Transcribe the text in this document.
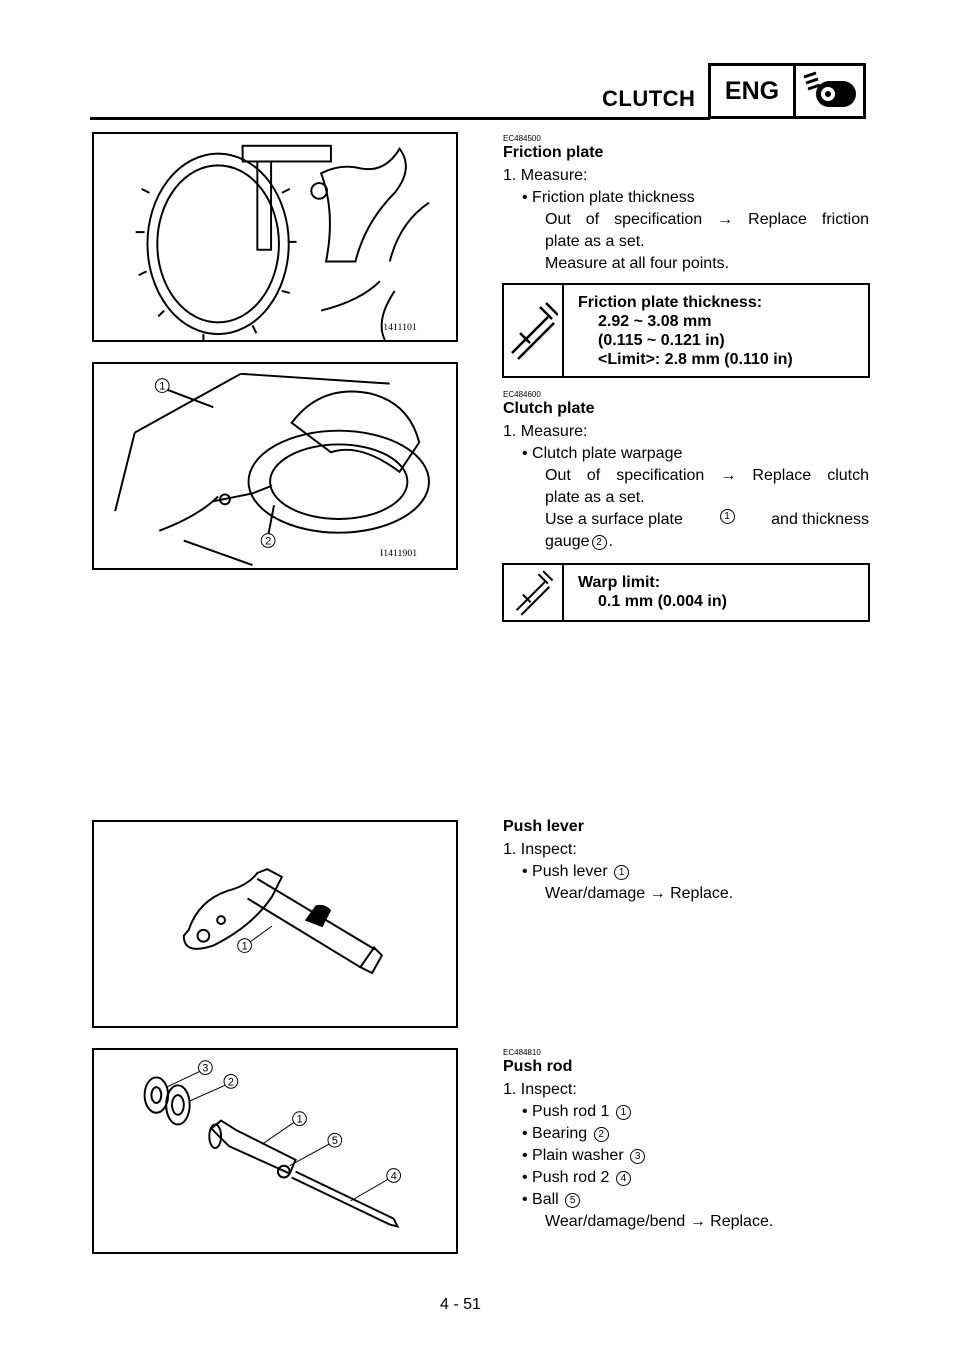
CLUTCH	ENG
I1411101
1
2
I1411901
1
3
2
1
5
4
EC484500
Friction plate
1. Measure:
• Friction plate thickness
Out of specification → Replace friction
plate as a set.
Measure at all four points.
Friction plate thickness:
2.92 ~ 3.08 mm
(0.115 ~ 0.121 in)
<Limit>: 2.8 mm (0.110 in)
EC484600
Clutch plate
1. Measure:
• Clutch plate warpage
Out of specification → Replace clutch
plate as a set.
Use a surface plate	1	and thickness
gauge 2 .
Warp limit:
0.1 mm (0.004 in)
Push lever
1. Inspect:
• Push lever 1
Wear/damage → Replace.
EC484810
Push rod
1. Inspect:
• Push rod 1 1
• Bearing 2
• Plain washer 3
• Push rod 2 4
• Ball 5
Wear/damage/bend → Replace.
4 - 51
